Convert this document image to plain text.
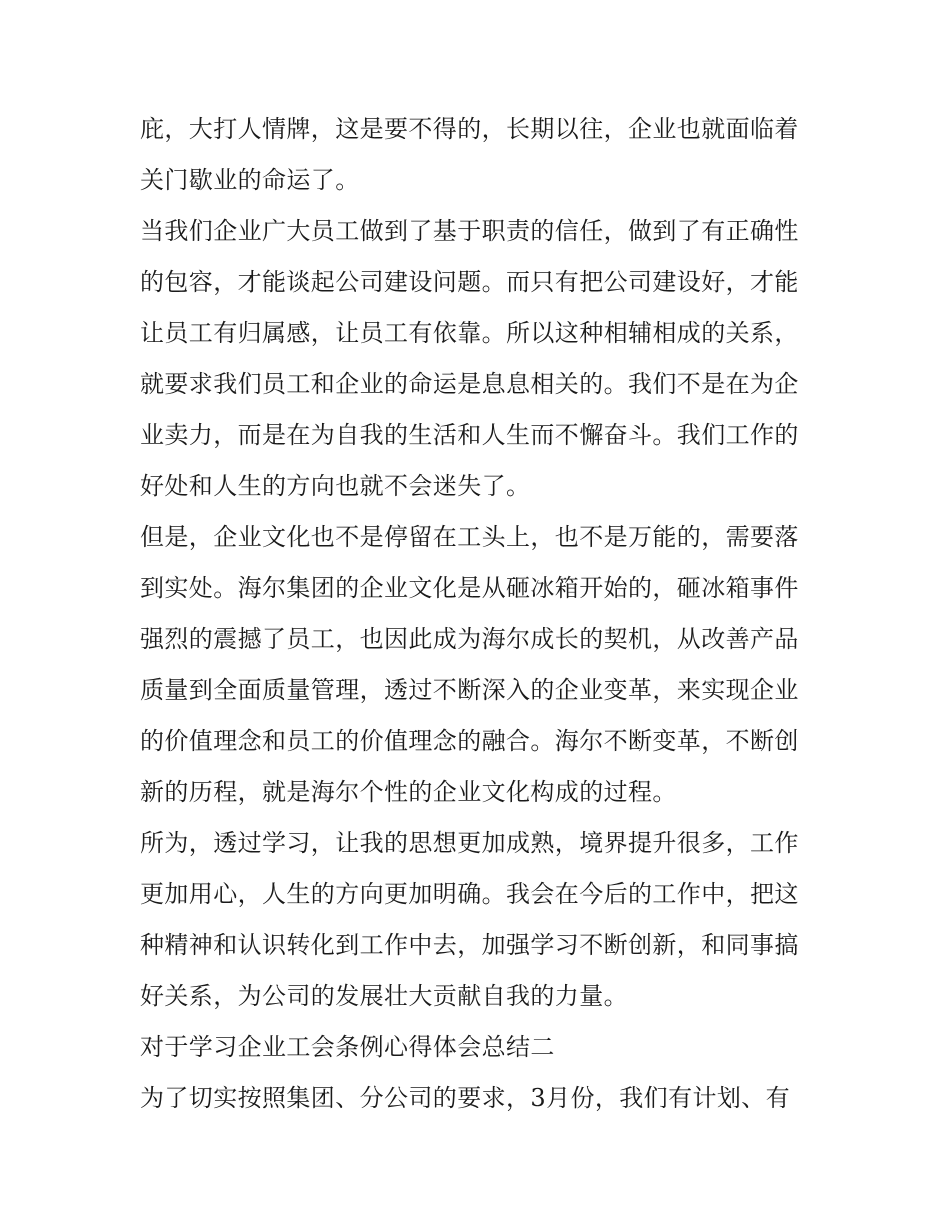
庇，大打人情牌，这是要不得的，长期以往，企业也就面临着
关门歇业的命运了。

当我们企业广大员工做到了基于职责的信任，做到了有正确性
的包容，才能谈起公司建设问题。而只有把公司建设好，才能
让员工有归属感，让员工有依靠。所以这种相辅相成的关系，
就要求我们员工和企业的命运是息息相关的。我们不是在为企
业卖力，而是在为自我的生活和人生而不懈奋斗。我们工作的
好处和人生的方向也就不会迷失了。

但是，企业文化也不是停留在工头上，也不是万能的，需要落
到实处。海尔集团的企业文化是从砸冰箱开始的，砸冰箱事件
强烈的震撼了员工，也因此成为海尔成长的契机，从改善产品
质量到全面质量管理，透过不断深入的企业变革，来实现企业
的价值理念和员工的价值理念的融合。海尔不断变革，不断创
新的历程，就是海尔个性的企业文化构成的过程。

所为，透过学习，让我的思想更加成熟，境界提升很多，工作
更加用心，人生的方向更加明确。我会在今后的工作中，把这
种精神和认识转化到工作中去，加强学习不断创新，和同事搞
好关系，为公司的发展壮大贡献自我的力量。

对于学习企业工会条例心得体会总结二

为了切实按照集团、分公司的要求，3月份，我们有计划、有
